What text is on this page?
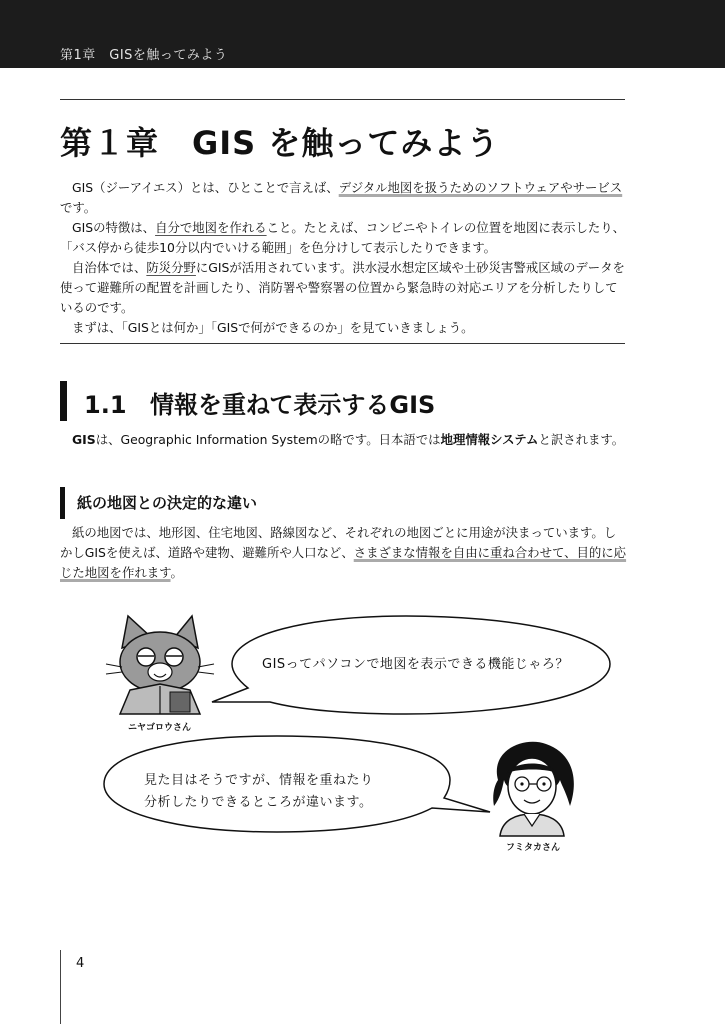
第1章　GISを触ってみよう
第１章　GIS を触ってみよう

GIS（ジーアイエス）とは、ひとことで言えば、デジタル地図を扱うためのソフトウェアやサービスです。

GISの特徴は、自分で地図を作れること。たとえば、コンビニやトイレの位置を地図に表示したり、「バス停から徒歩10分以内でいける範囲」を色分けして表示したりできます。

自治体では、防災分野にGISが活用されています。洪水浸水想定区域や土砂災害警戒区域のデータを使って避難所の配置を計画したり、消防署や警察署の位置から緊急時の対応エリアを分析したりしているのです。

まずは、「GISとは何か」「GISで何ができるのか」を見ていきましょう。

1.1 情報を重ねて表示するGIS

GISは、Geographic Information Systemの略です。日本語では地理情報システムと訳されます。

紙の地図との決定的な違い

紙の地図では、地形図、住宅地図、路線図など、それぞれの地図ごとに用途が決まっています。しかしGISを使えば、道路や建物、避難所や人口など、さまざまな情報を自由に重ね合わせて、目的に応じた地図を作れます。

ニヤゴロウさん
GISってパソコンで地図を表示できる機能じゃろ？
見た目はそうですが、情報を重ねたり
分析したりできるところが違います。
フミタカさん
4
